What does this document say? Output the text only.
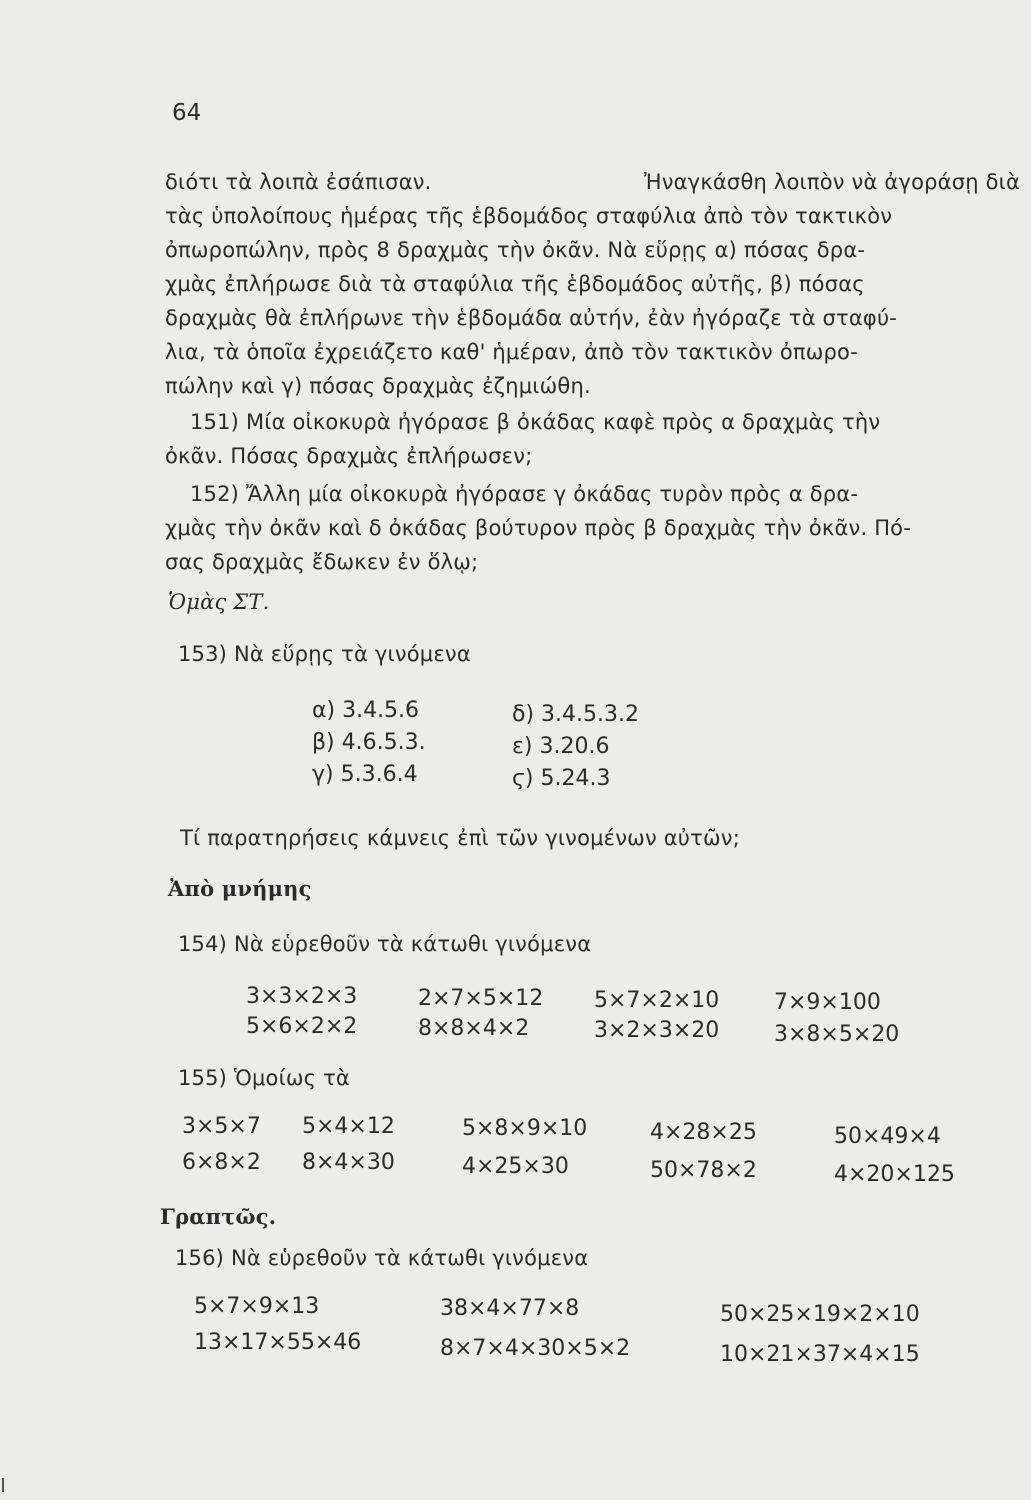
64
διότι τὰ λοιπὰ ἐσάπισαν.	Ἠναγκάσθη λοιπὸν νὰ ἀγοράσῃ διὰ
τὰς ὑπολοίπους ἡμέρας τῆς ἑβδομάδος σταφύλια ἀπὸ τὸν τακτικὸν
ὀπωροπώλην, πρὸς 8 δραχμὰς τὴν ὀκᾶν. Νὰ εὕρῃς α) πόσας δρα-
χμὰς ἐπλήρωσε διὰ τὰ σταφύλια τῆς ἑβδομάδος αὐτῆς, β) πόσας
δραχμὰς θὰ ἐπλήρωνε τὴν ἑβδομάδα αὐτήν, ἐὰν ἠγόραζε τὰ σταφύ-
λια, τὰ ὁποῖα ἐχρειάζετο καθ' ἡμέραν, ἀπὸ τὸν τακτικὸν ὀπωρο-
πώλην καὶ γ) πόσας δραχμὰς ἐζημιώθη.
151) Μία οἰκοκυρὰ ἠγόρασε β ὀκάδας καφὲ πρὸς α δραχμὰς τὴν
ὀκᾶν. Πόσας δραχμὰς ἐπλήρωσεν;
152) Ἄλλη μία οἰκοκυρὰ ἠγόρασε γ ὀκάδας τυρὸν πρὸς α δρα-
χμὰς τὴν ὀκᾶν καὶ δ ὀκάδας βούτυρον πρὸς β δραχμὰς τὴν ὀκᾶν. Πό-
σας δραχμὰς ἔδωκεν ἐν ὅλῳ;
Ὁμὰς ΣΤ.
153) Νὰ εὕρῃς τὰ γινόμενα
α) 3.4.5.6	δ) 3.4.5.3.2
β) 4.6.5.3.	ε) 3.20.6
γ) 5.3.6.4	ϛ) 5.24.3
Τί παρατηρήσεις κάμνεις ἐπὶ τῶν γινομένων αὐτῶν;
Ἀπὸ μνήμης
154) Νὰ εὑρεθοῦν τὰ κάτωθι γινόμενα
3×3×2×3	2×7×5×12 5×7×2×10 7×9×100
5×6×2×2	8×8×4×2	3×2×3×20 3×8×5×20
155) Ὁμοίως τὰ
3×5×7 5×4×12	5×8×9×10	4×28×25	50×49×4
6×8×2 8×4×30	4×25×30	50×78×2	4×20×125
Γραπτῶς.
156) Νὰ εὑρεθοῦν τὰ κάτωθι γινόμενα
5×7×9×13	38×4×77×8	50×25×19×2×10
13×17×55×46	8×7×4×30×5×2	10×21×37×4×15
